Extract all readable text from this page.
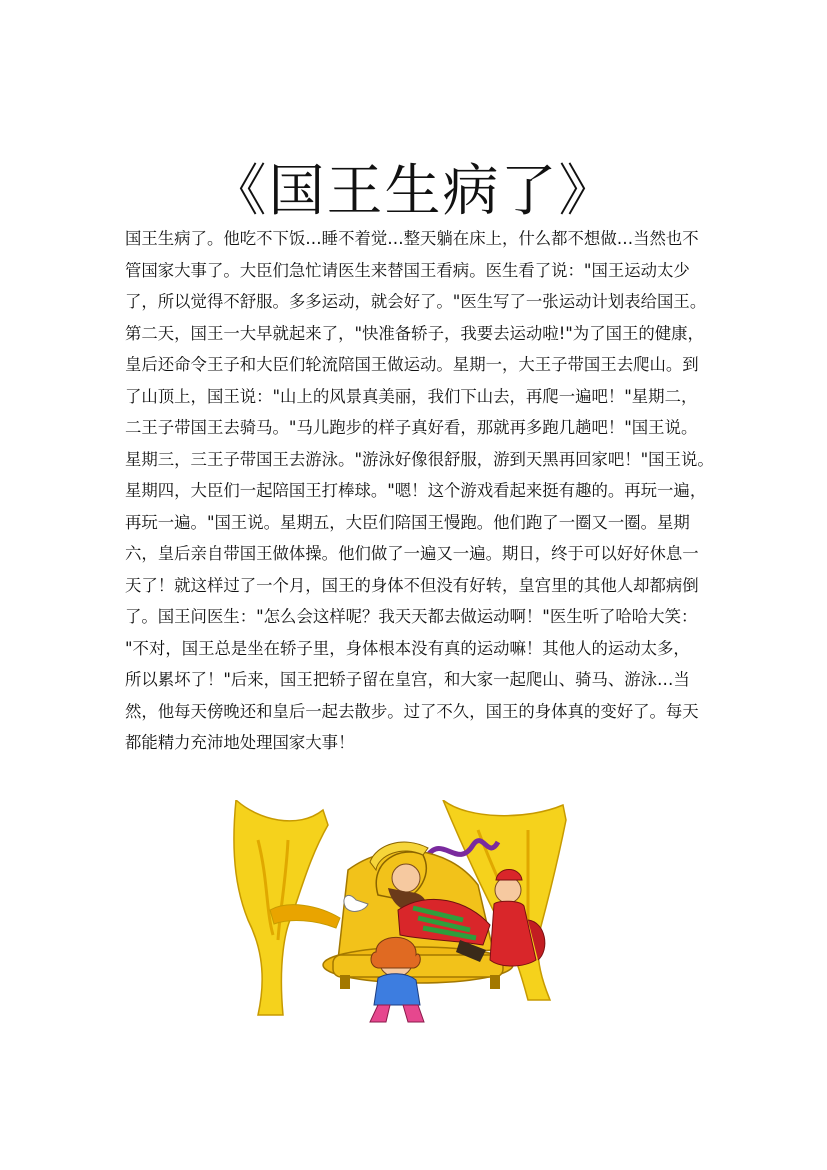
《国王生病了》
国王生病了。他吃不下饭…睡不着觉…整天躺在床上，什么都不想做…当然也不
管国家大事了。大臣们急忙请医生来替国王看病。医生看了说："国王运动太少
了，所以觉得不舒服。多多运动，就会好了。"医生写了一张运动计划表给国王。
第二天，国王一大早就起来了，"快准备轿子，我要去运动啦!"为了国王的健康，
皇后还命令王子和大臣们轮流陪国王做运动。星期一，大王子带国王去爬山。到
了山顶上，国王说："山上的风景真美丽，我们下山去，再爬一遍吧！"星期二，
二王子带国王去骑马。"马儿跑步的样子真好看，那就再多跑几趟吧！"国王说。
星期三，三王子带国王去游泳。"游泳好像很舒服，游到天黑再回家吧！"国王说。
星期四，大臣们一起陪国王打棒球。"嗯！这个游戏看起来挺有趣的。再玩一遍，
再玩一遍。"国王说。星期五，大臣们陪国王慢跑。他们跑了一圈又一圈。星期
六，皇后亲自带国王做体操。他们做了一遍又一遍。期日，终于可以好好休息一
天了！就这样过了一个月，国王的身体不但没有好转，皇宫里的其他人却都病倒
了。国王问医生："怎么会这样呢？我天天都去做运动啊！"医生听了哈哈大笑：
"不对，国王总是坐在轿子里，身体根本没有真的运动嘛！其他人的运动太多，
所以累坏了！"后来，国王把轿子留在皇宫，和大家一起爬山、骑马、游泳…当
然，他每天傍晚还和皇后一起去散步。过了不久，国王的身体真的变好了。每天
都能精力充沛地处理国家大事！
